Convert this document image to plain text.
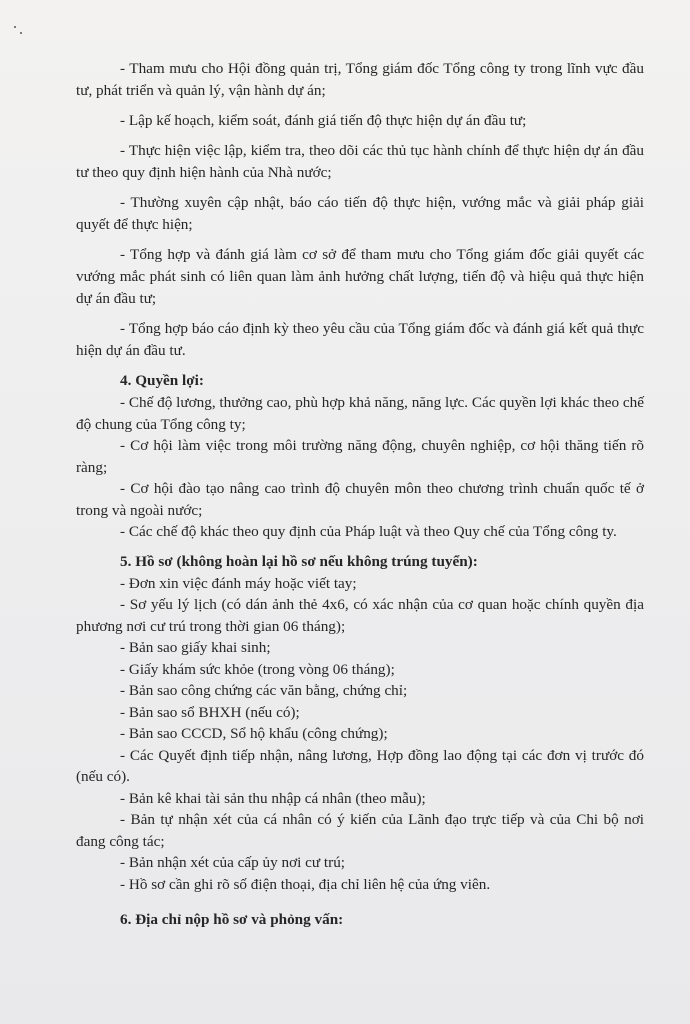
- Tham mưu cho Hội đồng quản trị, Tổng giám đốc Tổng công ty trong lĩnh vực đầu tư, phát triển và quản lý, vận hành dự án;

- Lập kế hoạch, kiểm soát, đánh giá tiến độ thực hiện dự án đầu tư;

- Thực hiện việc lập, kiểm tra, theo dõi các thủ tục hành chính để thực hiện dự án đầu tư theo quy định hiện hành của Nhà nước;

- Thường xuyên cập nhật, báo cáo tiến độ thực hiện, vướng mắc và giải pháp giải quyết để thực hiện;

- Tổng hợp và đánh giá làm cơ sở để tham mưu cho Tổng giám đốc giải quyết các vướng mắc phát sinh có liên quan làm ảnh hưởng chất lượng, tiến độ và hiệu quả thực hiện dự án đầu tư;

- Tổng hợp báo cáo định kỳ theo yêu cầu của Tổng giám đốc và đánh giá kết quả thực hiện dự án đầu tư.

4. Quyền lợi:

- Chế độ lương, thưởng cao, phù hợp khả năng, năng lực. Các quyền lợi khác theo chế độ chung của Tổng công ty;

- Cơ hội làm việc trong môi trường năng động, chuyên nghiệp, cơ hội thăng tiến rõ ràng;

- Cơ hội đào tạo nâng cao trình độ chuyên môn theo chương trình chuẩn quốc tế ở trong và ngoài nước;

- Các chế độ khác theo quy định của Pháp luật và theo Quy chế của Tổng công ty.

5. Hồ sơ (không hoàn lại hồ sơ nếu không trúng tuyển):

- Đơn xin việc đánh máy hoặc viết tay;

- Sơ yếu lý lịch (có dán ảnh thẻ 4x6, có xác nhận của cơ quan hoặc chính quyền địa phương nơi cư trú trong thời gian 06 tháng);

- Bản sao giấy khai sinh;

- Giấy khám sức khỏe (trong vòng 06 tháng);

- Bản sao công chứng các văn bằng, chứng chỉ;

- Bản sao sổ BHXH (nếu có);

- Bản sao CCCD, Sổ hộ khẩu (công chứng);

- Các Quyết định tiếp nhận, nâng lương, Hợp đồng lao động tại các đơn vị trước đó (nếu có).

- Bản kê khai tài sản thu nhập cá nhân (theo mẫu);

- Bản tự nhận xét của cá nhân có ý kiến của Lãnh đạo trực tiếp và của Chi bộ nơi đang công tác;

- Bản nhận xét của cấp ủy nơi cư trú;

- Hồ sơ cần ghi rõ số điện thoại, địa chỉ liên hệ của ứng viên.

6. Địa chỉ nộp hồ sơ và phỏng vấn:
